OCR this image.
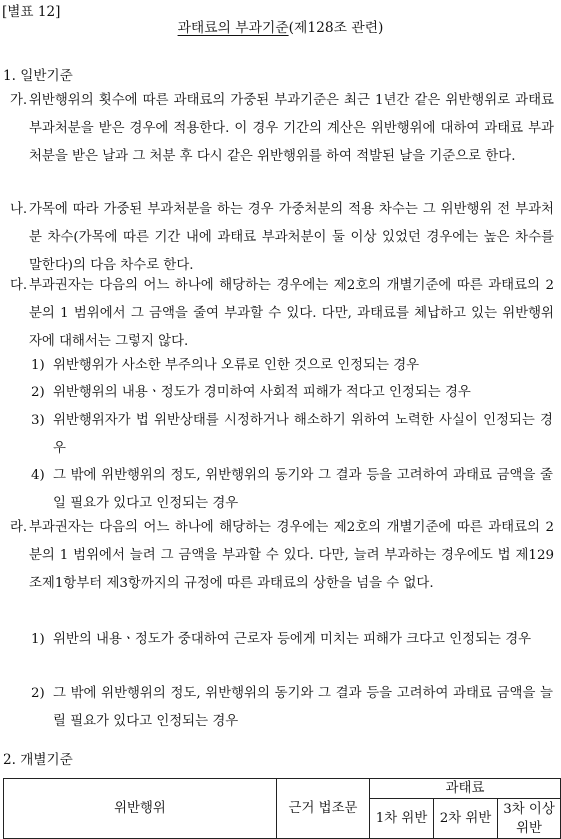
[별표 12]
과태료의 부과기준(제128조 관련)
1. 일반기준
가. 위반행위의 횟수에 따른 과태료의 가중된 부과기준은 최근 1년간 같은 위반행위로 과태료 부과처분을 받은 경우에 적용한다. 이 경우 기간의 계산은 위반행위에 대하여 과태료 부과처분을 받은 날과 그 처분 후 다시 같은 위반행위를 하여 적발된 날을 기준으로 한다.
나. 가목에 따라 가중된 부과처분을 하는 경우 가중처분의 적용 차수는 그 위반행위 전 부과처분 차수(가목에 따른 기간 내에 과태료 부과처분이 둘 이상 있었던 경우에는 높은 차수를 말한다)의 다음 차수로 한다.
다. 부과권자는 다음의 어느 하나에 해당하는 경우에는 제2호의 개별기준에 따른 과태료의 2분의 1 범위에서 그 금액을 줄여 부과할 수 있다. 다만, 과태료를 체납하고 있는 위반행위자에 대해서는 그렇지 않다.
1) 위반행위가 사소한 부주의나 오류로 인한 것으로 인정되는 경우
2) 위반행위의 내용ㆍ정도가 경미하여 사회적 피해가 적다고 인정되는 경우
3) 위반행위자가 법 위반상태를 시정하거나 해소하기 위하여 노력한 사실이 인정되는 경우
4) 그 밖에 위반행위의 정도, 위반행위의 동기와 그 결과 등을 고려하여 과태료 금액을 줄일 필요가 있다고 인정되는 경우
라. 부과권자는 다음의 어느 하나에 해당하는 경우에는 제2호의 개별기준에 따른 과태료의 2분의 1 범위에서 늘려 그 금액을 부과할 수 있다. 다만, 늘려 부과하는 경우에도 법 제129조제1항부터 제3항까지의 규정에 따른 과태료의 상한을 넘을 수 없다.
1) 위반의 내용ㆍ정도가 중대하여 근로자 등에게 미치는 피해가 크다고 인정되는 경우
2) 그 밖에 위반행위의 정도, 위반행위의 동기와 그 결과 등을 고려하여 과태료 금액을 늘릴 필요가 있다고 인정되는 경우
2. 개별기준
위반행위	근거 법조문	과태료		
		1차 위반	2차 위반	3차 이상 위반
